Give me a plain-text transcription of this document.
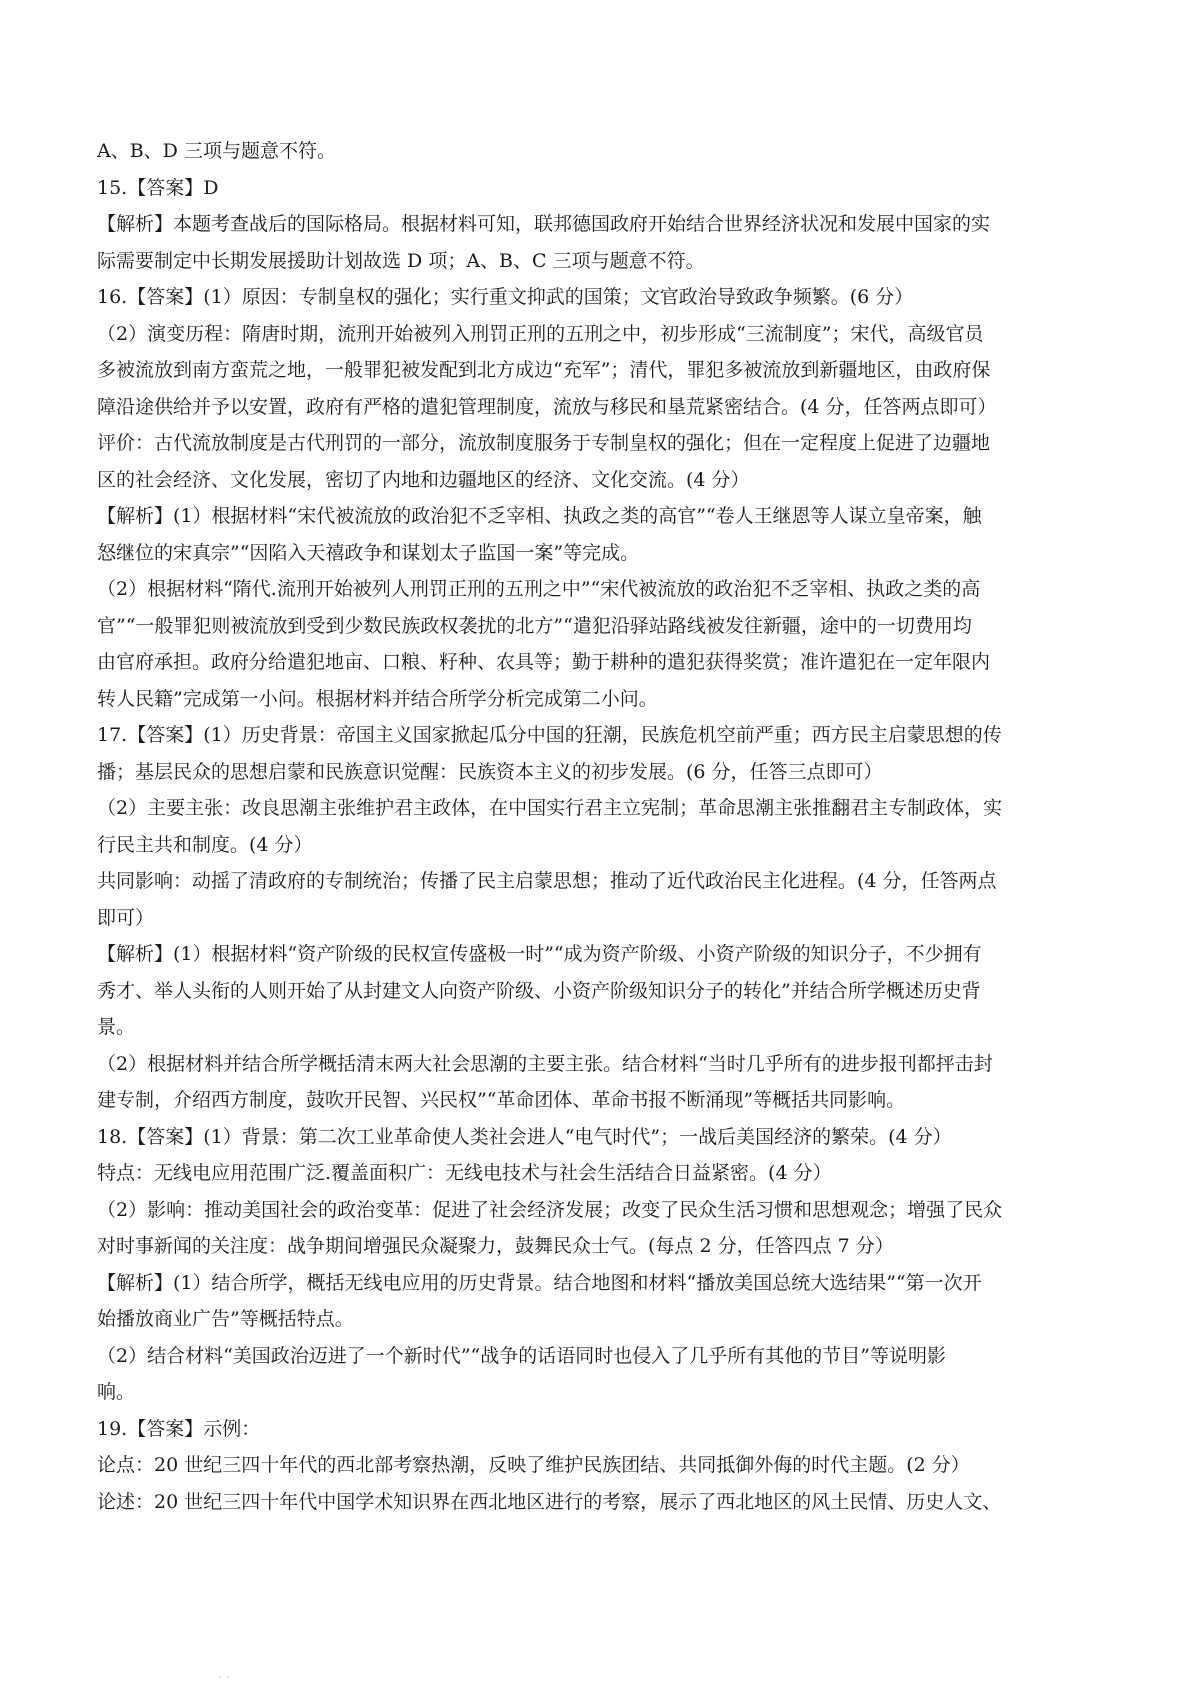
A、B、D 三项与题意不符。
15.【答案】D
【解析】本题考查战后的国际格局。根据材料可知，联邦德国政府开始结合世界经济状况和发展中国家的实
际需要制定中长期发展援助计划故选 D 项；A、B、C 三项与题意不符。
16.【答案】(1）原因：专制皇权的强化；实行重文抑武的国策；文官政治导致政争频繁。(6 分）
（2）演变历程：隋唐时期，流刑开始被列入刑罚正刑的五刑之中，初步形成“三流制度”；宋代，高级官员
多被流放到南方蛮荒之地，一般罪犯被发配到北方成边“充军”；清代，罪犯多被流放到新疆地区，由政府保
障沿途供给并予以安置，政府有严格的遣犯管理制度，流放与移民和垦荒紧密结合。(4 分，任答两点即可）
评价：古代流放制度是古代刑罚的一部分，流放制度服务于专制皇权的强化；但在一定程度上促进了边疆地
区的社会经济、文化发展，密切了内地和边疆地区的经济、文化交流。(4 分）
【解析】(1）根据材料“宋代被流放的政治犯不乏宰相、执政之类的高官”“卷人王继恩等人谋立皇帝案，触
怒继位的宋真宗”“因陷入天禧政争和谋划太子监国一案”等完成。
（2）根据材料“隋代.流刑开始被列人刑罚正刑的五刑之中”“宋代被流放的政治犯不乏宰相、执政之类的高
官”“一般罪犯则被流放到受到少数民族政权袭扰的北方”“遣犯沿驿站路线被发往新疆，途中的一切费用均
由官府承担。政府分给遣犯地亩、口粮、籽种、农具等；勤于耕种的遣犯获得奖赏；准许遣犯在一定年限内
转人民籍”完成第一小问。根据材料并结合所学分析完成第二小问。
17.【答案】(1）历史背景：帝国主义国家掀起瓜分中国的狂潮，民族危机空前严重；西方民主启蒙思想的传
播；基层民众的思想启蒙和民族意识觉醒：民族资本主义的初步发展。(6 分，任答三点即可）
（2）主要主张：改良思潮主张维护君主政体，在中国实行君主立宪制；革命思潮主张推翻君主专制政体，实
行民主共和制度。(4 分）
共同影响：动摇了清政府的专制统治；传播了民主启蒙思想；推动了近代政治民主化进程。(4 分，任答两点
即可）
【解析】(1）根据材料“资产阶级的民权宣传盛极一时”“成为资产阶级、小资产阶级的知识分子，不少拥有
秀才、举人头衔的人则开始了从封建文人向资产阶级、小资产阶级知识分子的转化”并结合所学概述历史背
景。
（2）根据材料并结合所学概括清末两大社会思潮的主要主张。结合材料“当时几乎所有的进步报刊都抨击封
建专制，介绍西方制度，鼓吹开民智、兴民权”“革命团体、革命书报不断涌现”等概括共同影响。
18.【答案】(1）背景：第二次工业革命使人类社会进人“电气时代”；一战后美国经济的繁荣。(4 分）
特点：无线电应用范围广泛.覆盖面积广：无线电技术与社会生活结合日益紧密。(4 分）
（2）影响：推动美国社会的政治变革：促进了社会经济发展；改变了民众生活习惯和思想观念；增强了民众
对时事新闻的关注度：战争期间增强民众凝聚力，鼓舞民众士气。(每点 2 分，任答四点 7 分）
【解析】(1）结合所学，概括无线电应用的历史背景。结合地图和材料“播放美国总统大选结果”“第一次开
始播放商业广告”等概括特点。
（2）结合材料“美国政治迈进了一个新时代”“战争的话语同时也侵入了几乎所有其他的节目”等说明影
响。
19.【答案】示例：
论点：20 世纪三四十年代的西北部考察热潮，反映了维护民族团结、共同抵御外侮的时代主题。(2 分）
论述：20 世纪三四十年代中国学术知识界在西北地区进行的考察，展示了西北地区的风土民情、历史人文、
· ·
